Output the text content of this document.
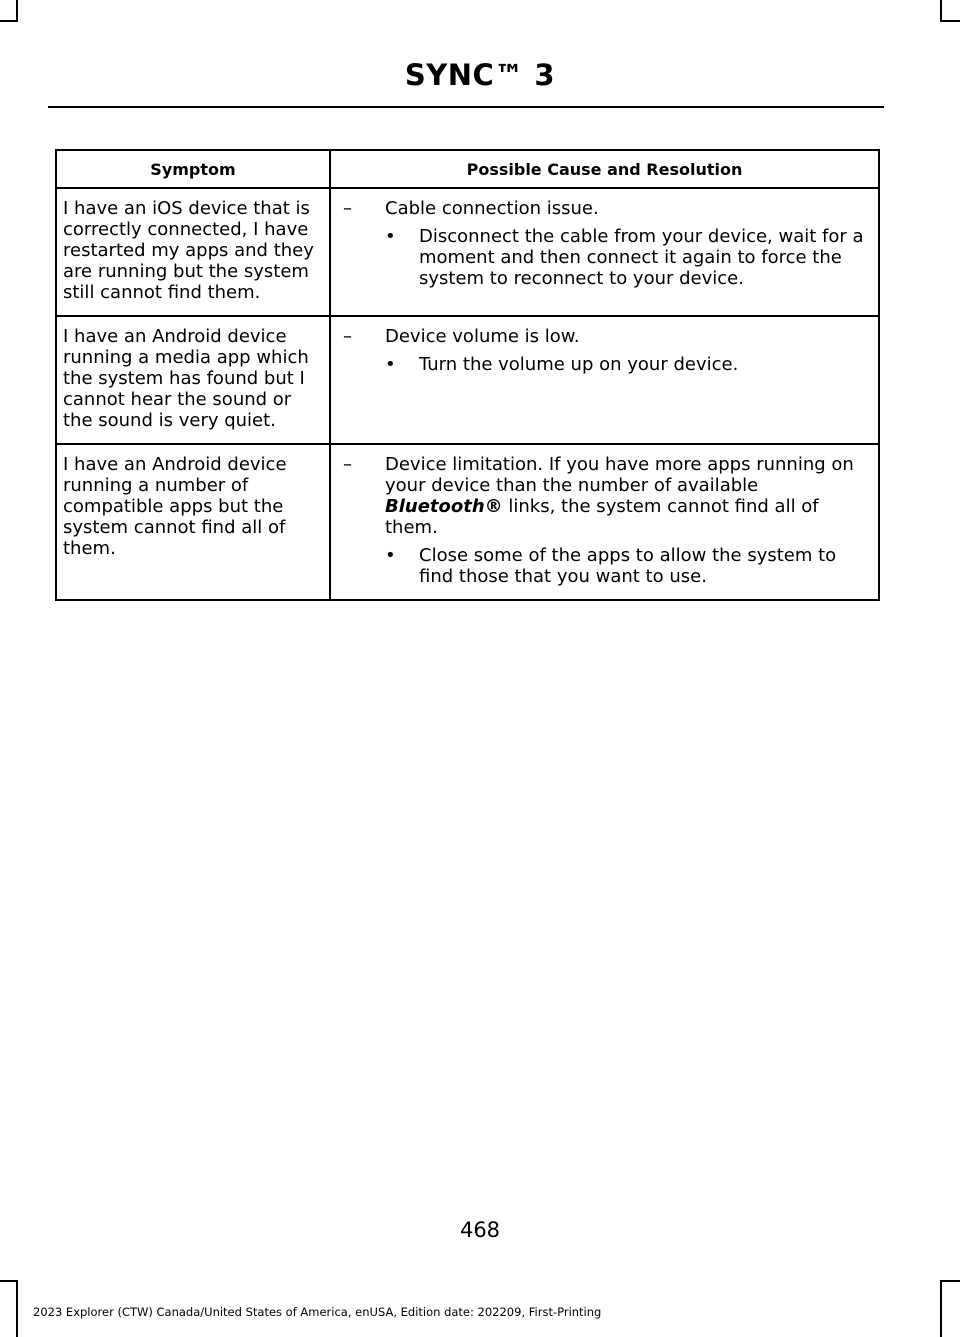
SYNC™ 3
Symptom	Possible Cause and Resolution
I have an iOS device that is correctly connected, I have restarted my apps and they are running but the system still cannot find them.	– Cable connection issue.
• Disconnect the cable from your device, wait for a moment and then connect it again to force the system to reconnect to your device.

I have an Android device running a media app which the system has found but I cannot hear the sound or the sound is very quiet.	– Device volume is low.
• Turn the volume up on your device.

I have an Android device running a number of compatible apps but the system cannot find all of them.	– Device limitation. If you have more apps running on your device than the number of available Bluetooth® links, the system cannot find all of them.
• Close some of the apps to allow the system to find those that you want to use.
468
2023 Explorer (CTW) Canada/United States of America, enUSA, Edition date: 202209, First-Printing
